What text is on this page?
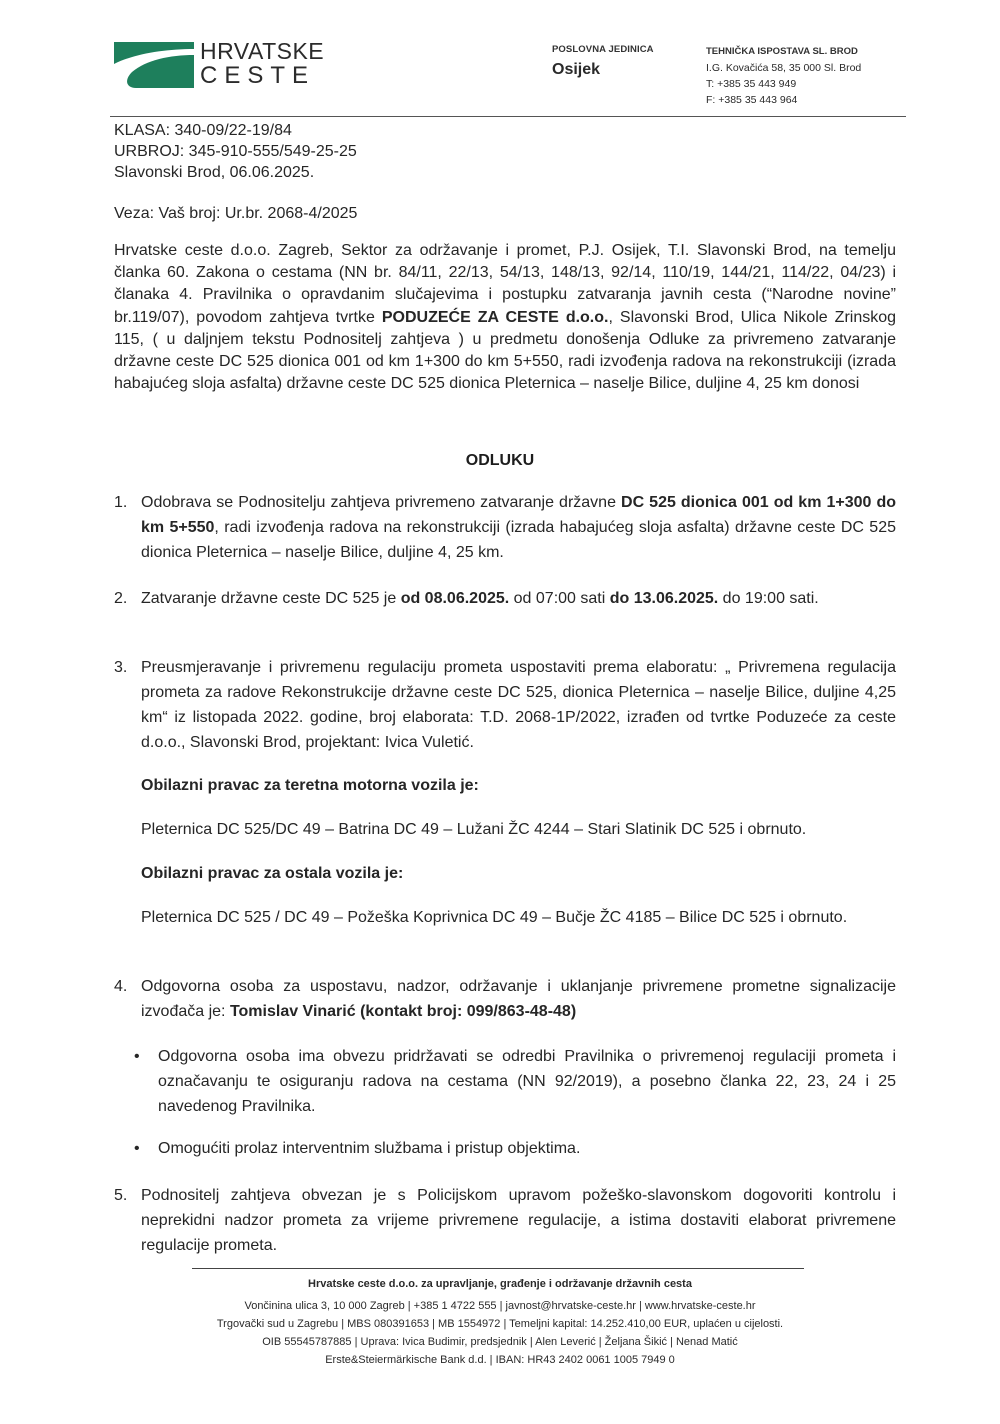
HRVATSKE
CESTE
POSLOVNA JEDINICA
Osijek
TEHNIČKA ISPOSTAVA SL. BROD
I.G. Kovačića 58, 35 000 Sl. Brod
T: +385 35 443 949
F: +385 35 443 964
KLASA: 340-09/22-19/84
URBROJ: 345-910-555/549-25-25
Slavonski Brod, 06.06.2025.
Veza: Vaš broj: Ur.br. 2068-4/2025
Hrvatske ceste d.o.o. Zagreb, Sektor za održavanje i promet, P.J. Osijek, T.I. Slavonski Brod, na temelju članka 60. Zakona o cestama (NN br. 84/11, 22/13, 54/13, 148/13, 92/14, 110/19, 144/21, 114/22, 04/23) i članaka 4. Pravilnika o opravdanim slučajevima i postupku zatvaranja javnih cesta (“Narodne novine” br.119/07), povodom zahtjeva tvrtke PODUZEĆE ZA CESTE d.o.o., Slavonski Brod, Ulica Nikole Zrinskog 115, ( u daljnjem tekstu Podnositelj zahtjeva ) u predmetu donošenja Odluke za privremeno zatvaranje državne ceste DC 525 dionica 001 od km 1+300 do km 5+550, radi izvođenja radova na rekonstrukciji (izrada habajućeg sloja asfalta) državne ceste DC 525 dionica Pleternica – naselje Bilice, duljine 4, 25 km donosi
ODLUKU
1. Odobrava se Podnositelju zahtjeva privremeno zatvaranje državne DC 525 dionica 001 od km 1+300 do km 5+550, radi izvođenja radova na rekonstrukciji (izrada habajućeg sloja asfalta) državne ceste DC 525 dionica Pleternica – naselje Bilice, duljine 4, 25 km.
2. Zatvaranje državne ceste DC 525 je od 08.06.2025. od 07:00 sati do 13.06.2025. do 19:00 sati.
3. Preusmjeravanje i privremenu regulaciju prometa uspostaviti prema elaboratu: „ Privremena regulacija prometa za radove Rekonstrukcije državne ceste DC 525, dionica Pleternica – naselje Bilice, duljine 4,25 km“ iz listopada 2022. godine, broj elaborata: T.D. 2068-1P/2022, izrađen od tvrtke Poduzeće za ceste d.o.o., Slavonski Brod, projektant: Ivica Vuletić.
Obilazni pravac za teretna motorna vozila je:
Pleternica DC 525/DC 49 – Batrina DC 49 – Lužani ŽC 4244 – Stari Slatinik DC 525 i obrnuto.
Obilazni pravac za ostala vozila je:
Pleternica DC 525 / DC 49 – Požeška Koprivnica DC 49 – Bučje ŽC 4185 – Bilice DC 525 i obrnuto.
4. Odgovorna osoba za uspostavu, nadzor, održavanje i uklanjanje privremene prometne signalizacije izvođača je: Tomislav Vinarić (kontakt broj: 099/863-48-48)
• Odgovorna osoba ima obvezu pridržavati se odredbi Pravilnika o privremenoj regulaciji prometa i označavanju te osiguranju radova na cestama (NN 92/2019), a posebno članka 22, 23, 24 i 25 navedenog Pravilnika.
• Omogućiti prolaz interventnim službama i pristup objektima.
5. Podnositelj zahtjeva obvezan je s Policijskom upravom požeško-slavonskom dogovoriti kontrolu i neprekidni nadzor prometa za vrijeme privremene regulacije, a istima dostaviti elaborat privremene regulacije prometa.
Hrvatske ceste d.o.o. za upravljanje, građenje i održavanje državnih cesta
Vončinina ulica 3, 10 000 Zagreb | +385 1 4722 555 | javnost@hrvatske-ceste.hr | www.hrvatske-ceste.hr
Trgovački sud u Zagrebu | MBS 080391653 | MB 1554972 | Temeljni kapital: 14.252.410,00 EUR, uplaćen u cijelosti.
OIB 55545787885 | Uprava: Ivica Budimir, predsjednik | Alen Leverić | Željana Šikić | Nenad Matić
Erste&Steiermärkische Bank d.d. | IBAN: HR43 2402 0061 1005 7949 0
